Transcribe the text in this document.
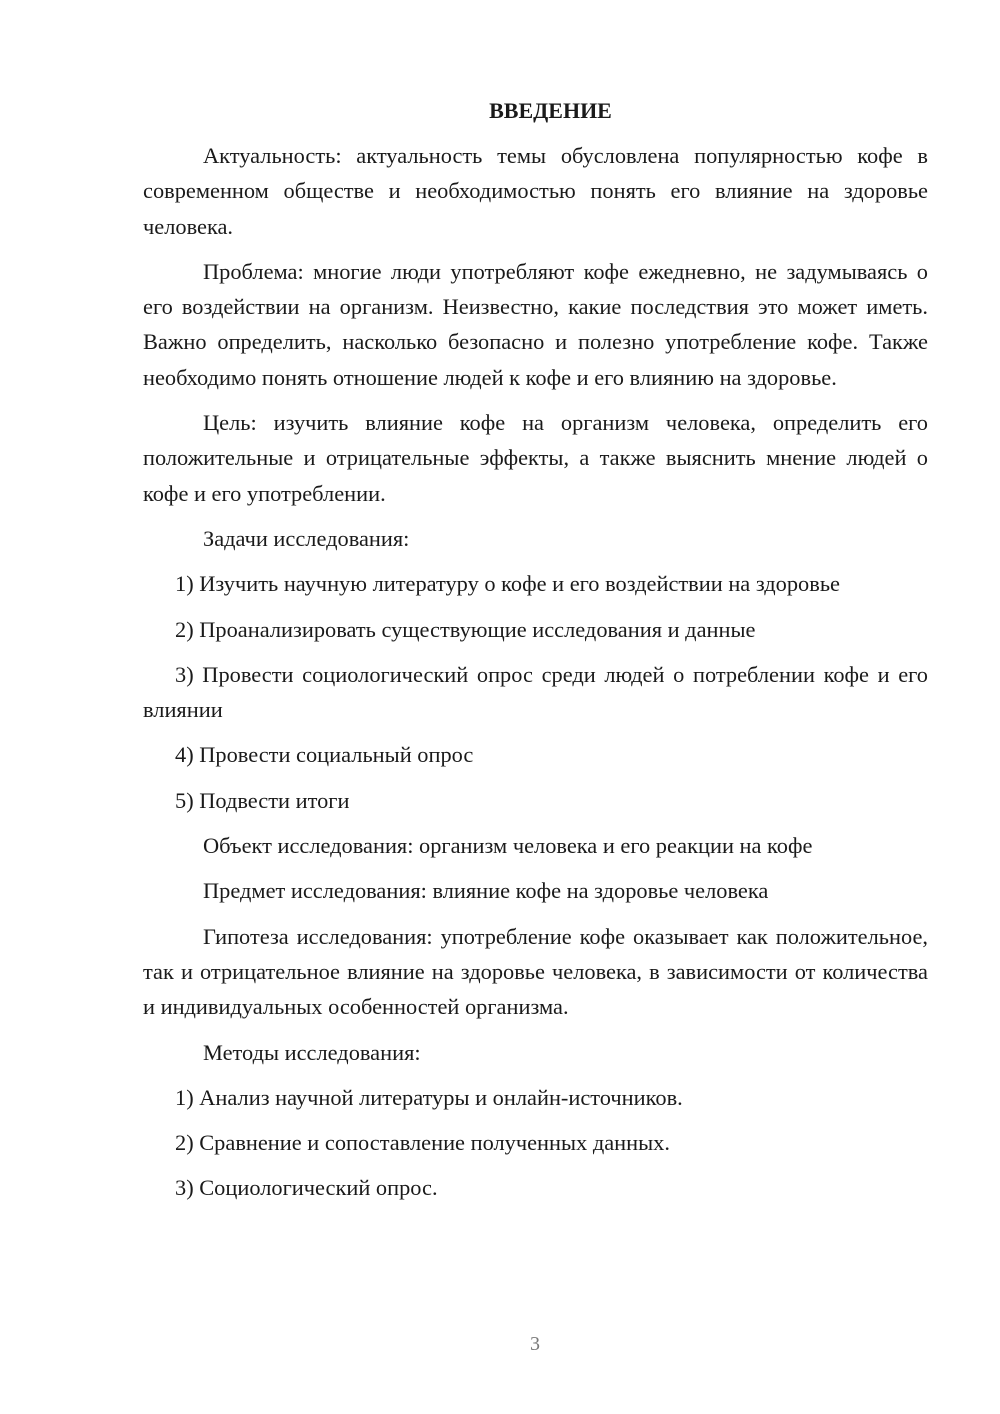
ВВЕДЕНИЕ

Актуальность: актуальность темы обусловлена популярностью кофе в современном обществе и необходимостью понять его влияние на здоровье человека.

Проблема: многие люди употребляют кофе ежедневно, не задумываясь о его воздействии на организм. Неизвестно, какие последствия это может иметь. Важно определить, насколько безопасно и полезно употребление кофе. Также необходимо понять отношение людей к кофе и его влиянию на здоровье.

Цель: изучить влияние кофе на организм человека, определить его положительные и отрицательные эффекты, а также выяснить мнение людей о кофе и его употреблении.

Задачи исследования:

1) Изучить научную литературу о кофе и его воздействии на здоровье

2) Проанализировать существующие исследования и данные

3) Провести социологический опрос среди людей о потреблении кофе и его влиянии

4) Провести социальный опрос

5) Подвести итоги

Объект исследования: организм человека и его реакции на кофе

Предмет исследования: влияние кофе на здоровье человека

Гипотеза исследования: употребление кофе оказывает как положительное, так и отрицательное влияние на здоровье человека, в зависимости от количества и индивидуальных особенностей организма.

Методы исследования:

1) Анализ научной литературы и онлайн-источников.

2) Сравнение и сопоставление полученных данных.

3) Социологический опрос.

3
